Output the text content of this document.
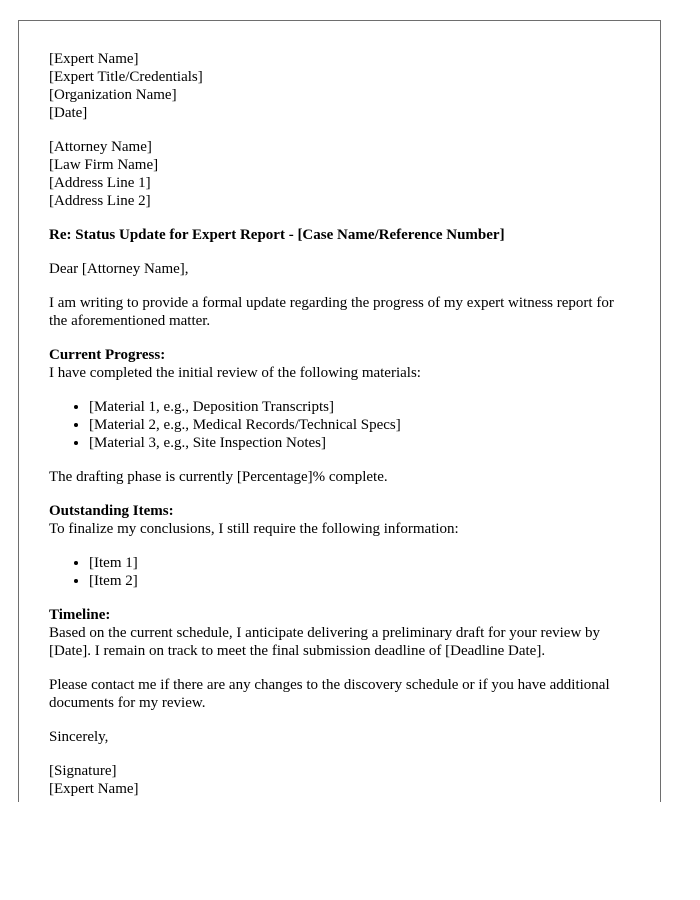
[Expert Name]
[Expert Title/Credentials]
[Organization Name]
[Date]
[Attorney Name]
[Law Firm Name]
[Address Line 1]
[Address Line 2]
Re: Status Update for Expert Report - [Case Name/Reference Number]

Dear [Attorney Name],

I am writing to provide a formal update regarding the progress of my expert witness report for the aforementioned matter.

Current Progress:
I have completed the initial review of the following materials:
• [Material 1, e.g., Deposition Transcripts]
• [Material 2, e.g., Medical Records/Technical Specs]
• [Material 3, e.g., Site Inspection Notes]

The drafting phase is currently [Percentage]% complete.

Outstanding Items:
To finalize my conclusions, I still require the following information:
• [Item 1]
• [Item 2]
Timeline:
Based on the current schedule, I anticipate delivering a preliminary draft for your review by [Date]. I remain on track to meet the final submission deadline of [Deadline Date].

Please contact me if there are any changes to the discovery schedule or if you have additional documents for my review.

Sincerely,

[Signature]
[Expert Name]
